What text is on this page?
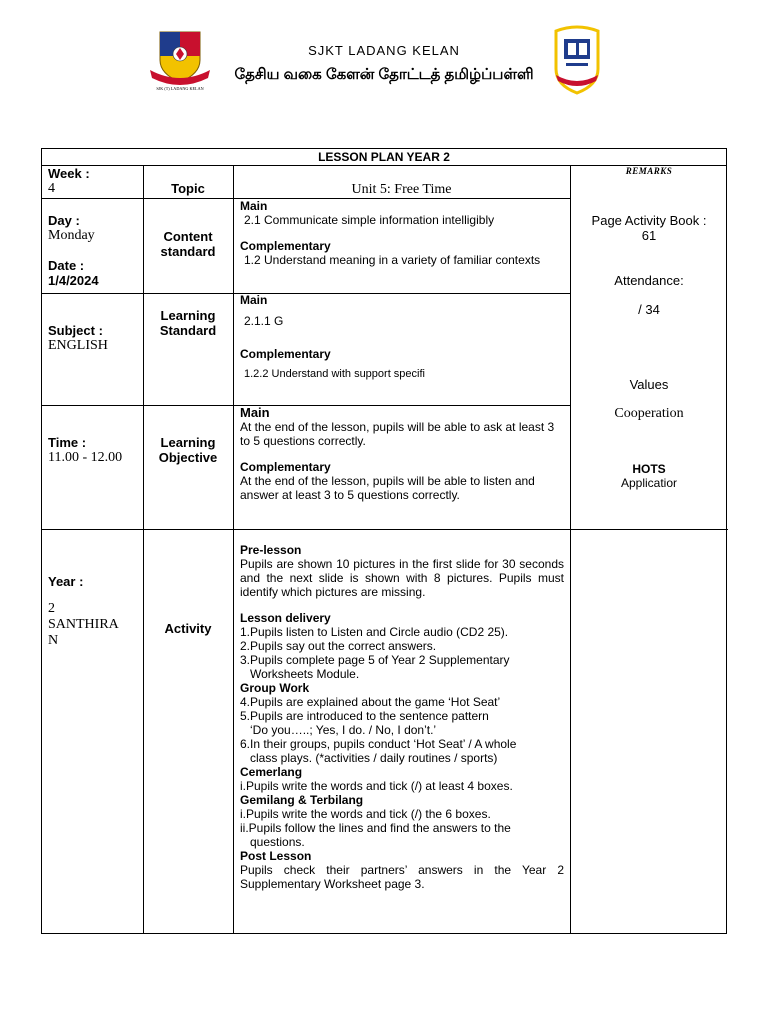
SJK (T) LADANG KELAN
SJKT LADANG KELAN
தேசிய வகை கேளன் தோட்டத் தமிழ்ப்பள்ளி
LESSON PLAN YEAR 2
Week :
4	Topic	Unit 5: Free Time
REMARKS
Day :
Monday
Date :
1/4/2024
Content
standard
Main
2.1 Communicate simple information intelligibly
Complementary
1.2 Understand meaning in a variety of familiar contexts
Subject :
ENGLISH
Learning
Standard
Main
2.1.1 G
Complementary
1.2.2 Understand with support specifi
Time :
11.00 - 12.00
Learning
Objective
Main
At the end of the lesson, pupils will be able to ask at least 3 to 5 questions correctly.
Complementary
At the end of the lesson, pupils will be able to listen and answer at least 3 to 5 questions correctly.
Year :
2
SANTHIRA
N
Activity

Pre-lesson

Pupils are shown 10 pictures in the first slide for 30 seconds and the next slide is shown with 8 pictures. Pupils must identify which pictures are missing.

Lesson delivery

1.Pupils listen to Listen and Circle audio (CD2 25).

2.Pupils say out the correct answers.

3.Pupils complete page 5 of Year 2 Supplementary

Worksheets Module.

Group Work

4.Pupils are explained about the game ‘Hot Seat’

5.Pupils are introduced to the sentence pattern

‘Do you…..; Yes, I do. / No, I don’t.’

6.In their groups, pupils conduct ‘Hot Seat’ / A whole

class plays. (*activities / daily routines / sports)

Cemerlang

i.Pupils write the words and tick (/) at least 4 boxes.

Gemilang & Terbilang

i.Pupils write the words and tick (/) the 6 boxes.

ii.Pupils follow the lines and find the answers to the

questions.

Post Lesson

Pupils check their partners’ answers in the Year 2 Supplementary Worksheet page 3.

Page Activity Book :
61
Attendance:
/ 34
Values
Cooperation
HOTS
Applicatior
